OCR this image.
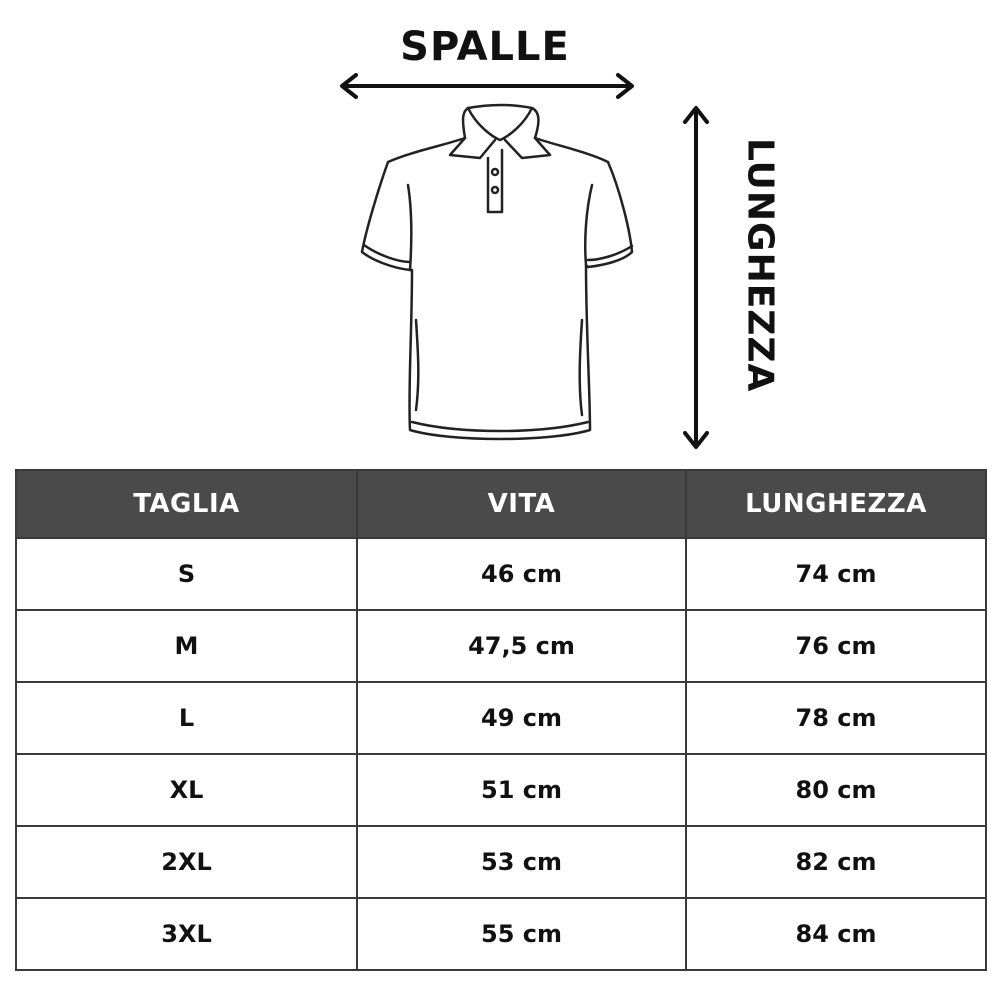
SPALLE
LUNGHEZZA
TAGLIA	VITA	LUNGHEZZA
S	46 cm	74 cm
M	47,5 cm	76 cm
L	49 cm	78 cm
XL	51 cm	80 cm
2XL	53 cm	82 cm
3XL	55 cm	84 cm
